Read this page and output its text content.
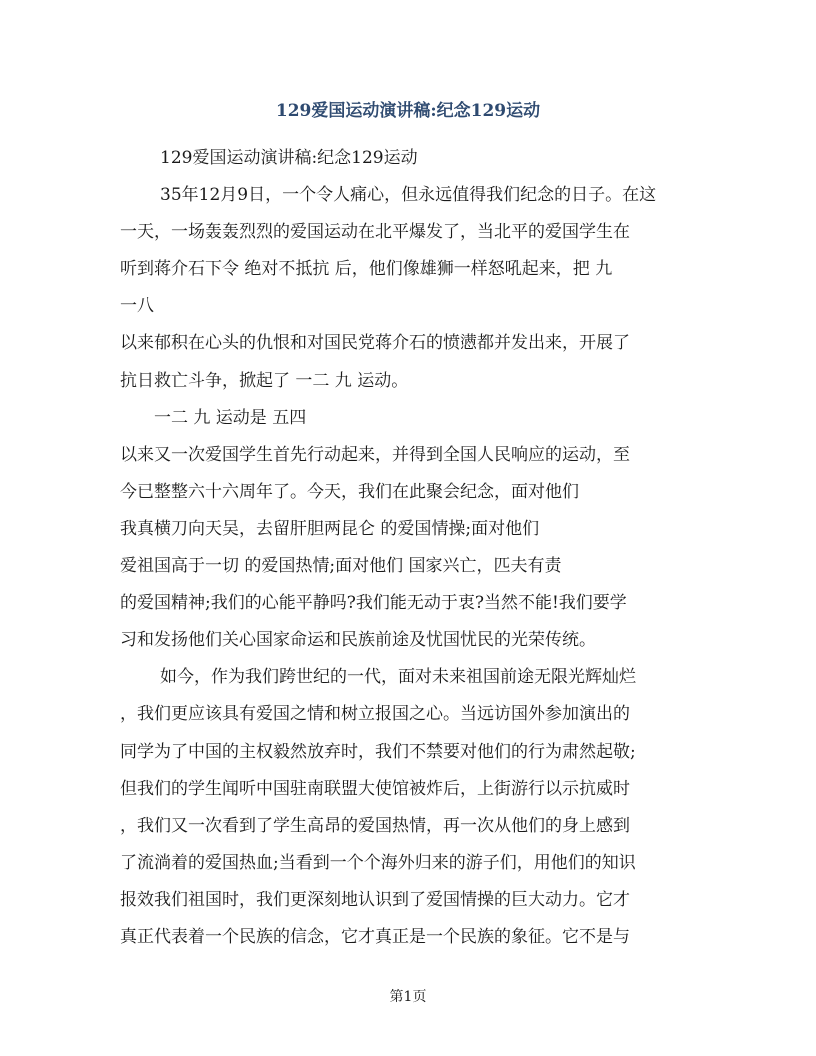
129爱国运动演讲稿:纪念129运动
129爱国运动演讲稿:纪念129运动
35年12月9日，一个令人痛心，但永远值得我们纪念的日子。在这
一天，一场轰轰烈烈的爱国运动在北平爆发了，当北平的爱国学生在
听到蒋介石下令 绝对不抵抗 后，他们像雄狮一样怒吼起来，把 九
一八
以来郁积在心头的仇恨和对国民党蒋介石的愤懑都并发出来，开展了
抗日救亡斗争，掀起了 一二 九 运动。
一二 九 运动是 五四
以来又一次爱国学生首先行动起来，并得到全国人民响应的运动，至
今已整整六十六周年了。今天，我们在此聚会纪念，面对他们
我真横刀向天吴，去留肝胆两昆仑 的爱国情操;面对他们
爱祖国高于一切 的爱国热情;面对他们 国家兴亡，匹夫有责
的爱国精神;我们的心能平静吗?我们能无动于衷?当然不能!我们要学
习和发扬他们关心国家命运和民族前途及忧国忧民的光荣传统。
如今，作为我们跨世纪的一代，面对未来祖国前途无限光辉灿烂
，我们更应该具有爱国之情和树立报国之心。当远访国外参加演出的
同学为了中国的主权毅然放弃时，我们不禁要对他们的行为肃然起敬;
但我们的学生闻听中国驻南联盟大使馆被炸后，上街游行以示抗威时
，我们又一次看到了学生高昂的爱国热情，再一次从他们的身上感到
了流淌着的爱国热血;当看到一个个海外归来的游子们，用他们的知识
报效我们祖国时，我们更深刻地认识到了爱国情操的巨大动力。它才
真正代表着一个民族的信念，它才真正是一个民族的象征。它不是与
第1页
